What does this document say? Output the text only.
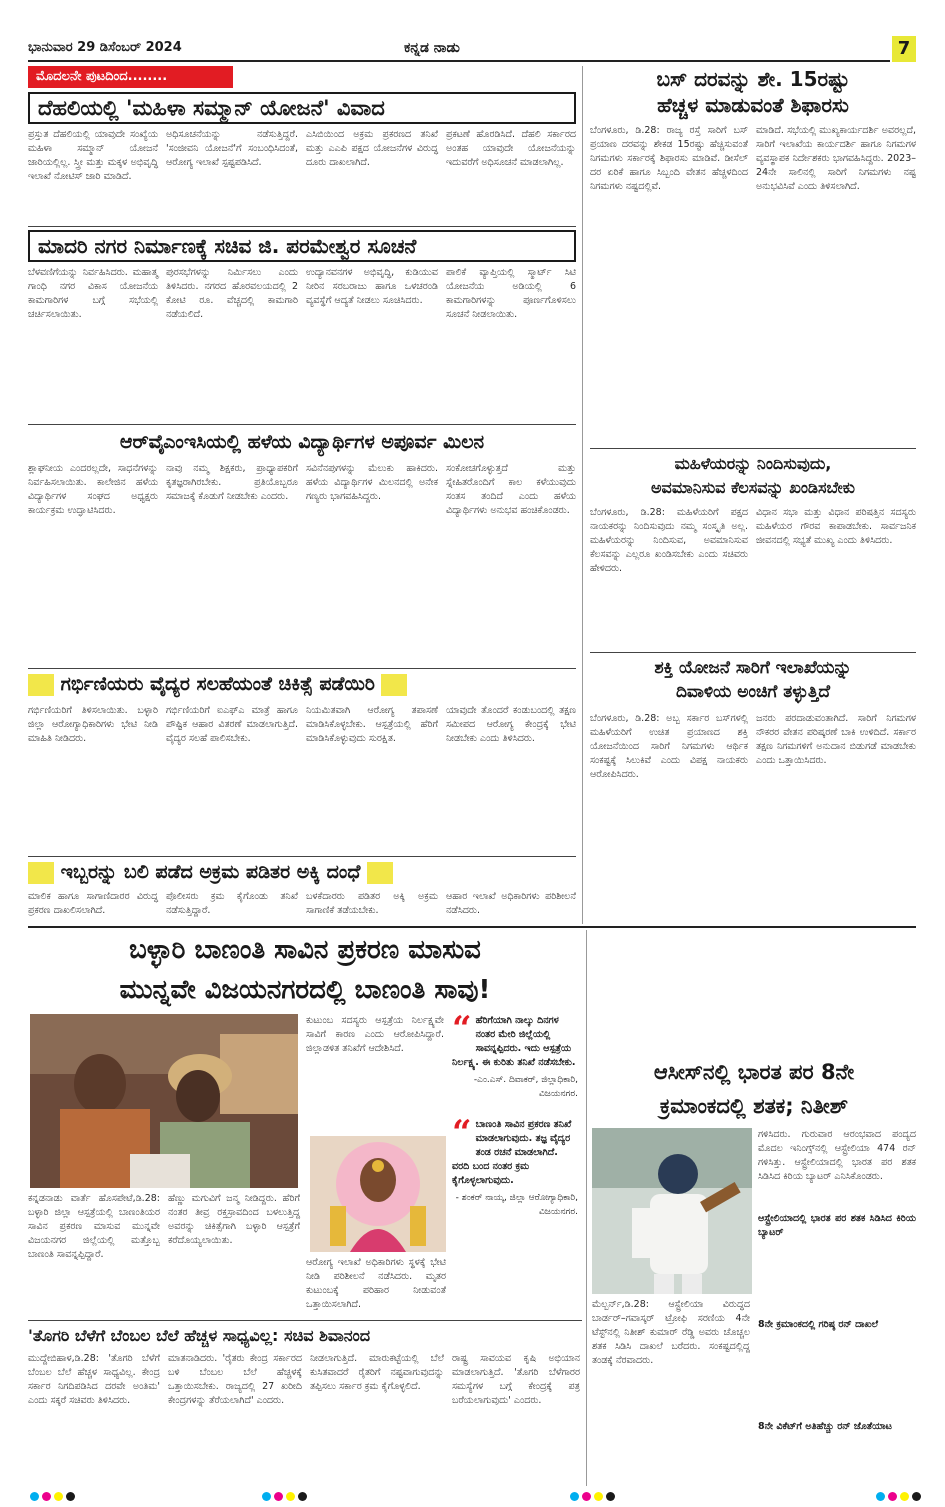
ಭಾನುವಾರ 29 ಡಿಸೆಂಬರ್ 2024	ಕನ್ನಡ ನಾಡು	7
ಮೊದಲನೇ ಪುಟದಿಂದ........
ದೆಹಲಿಯಲ್ಲಿ 'ಮಹಿಳಾ ಸಮ್ಮಾನ್ ಯೋಜನೆ' ವಿವಾದ
ಪ್ರಸ್ತುತ ದೆಹಲಿಯಲ್ಲಿ ಯಾವುದೇ ಸಂಖ್ಯೆಯ ಮಹಿಳಾ ಸಮ್ಮಾನ್ ಯೋಜನೆ ಜಾರಿಯಲ್ಲಿಲ್ಲ. ಸ್ತ್ರೀ ಮತ್ತು ಮಕ್ಕಳ ಅಭಿವೃದ್ಧಿ ಇಲಾಖೆ ನೋಟಿಸ್ ಜಾರಿ ಮಾಡಿದೆ.
ಅಧಿಸೂಚನೆಯನ್ನು ನಡೆಸುತ್ತಿದ್ದರೆ. 'ಸಂಜೀವನಿ ಯೋಜನೆ'ಗೆ ಸಂಬಂಧಿಸಿದಂತೆ, ಆರೋಗ್ಯ ಇಲಾಖೆ ಸ್ಪಷ್ಟಪಡಿಸಿದೆ.
ಎಸಿಬಿಯಿಂದ ಅಕ್ರಮ ಪ್ರಕರಣದ ತನಿಖೆ ಮತ್ತು ಎಎಪಿ ಪಕ್ಷದ ಯೋಜನೆಗಳ ವಿರುದ್ಧ ದೂರು ದಾಖಲಾಗಿದೆ.
ಪ್ರಕಟಣೆ ಹೊರಡಿಸಿದೆ. ದೆಹಲಿ ಸರ್ಕಾರದ ಅಂತಹ ಯಾವುದೇ ಯೋಜನೆಯನ್ನು ಇದುವರೆಗೆ ಅಧಿಸೂಚನೆ ಮಾಡಲಾಗಿಲ್ಲ.
ಮಾದರಿ ನಗರ ನಿರ್ಮಾಣಕ್ಕೆ ಸಚಿವ ಜಿ. ಪರಮೇಶ್ವರ ಸೂಚನೆ
ಬೆಳವಣಿಗೆಯನ್ನು ನಿರ್ವಹಿಸಿದರು. ಮಹಾತ್ಮ ಗಾಂಧಿ ನಗರ ವಿಕಾಸ ಯೋಜನೆಯ ಕಾಮಗಾರಿಗಳ ಬಗ್ಗೆ ಸಭೆಯಲ್ಲಿ ಚರ್ಚಿಸಲಾಯಿತು.
ಪುರಸಭೆಗಳನ್ನು ನಿರ್ಮಿಸಲು ಎಂದು ತಿಳಿಸಿದರು. ನಗರದ ಹೊರವಲಯದಲ್ಲಿ 2 ಕೋಟಿ ರೂ. ವೆಚ್ಚದಲ್ಲಿ ಕಾಮಗಾರಿ ನಡೆಯಲಿದೆ.
ಉದ್ಯಾನವನಗಳ ಅಭಿವೃದ್ಧಿ, ಕುಡಿಯುವ ನೀರಿನ ಸರಬರಾಜು ಹಾಗೂ ಒಳಚರಂಡಿ ವ್ಯವಸ್ಥೆಗೆ ಆದ್ಯತೆ ನೀಡಲು ಸೂಚಿಸಿದರು.
ಪಾಲಿಕೆ ವ್ಯಾಪ್ತಿಯಲ್ಲಿ ಸ್ಮಾರ್ಟ್ ಸಿಟಿ ಯೋಜನೆಯ ಅಡಿಯಲ್ಲಿ 6 ಕಾಮಗಾರಿಗಳನ್ನು ಪೂರ್ಣಗೊಳಿಸಲು ಸೂಚನೆ ನೀಡಲಾಯಿತು.
ಆರ್‌ವೈಎಂಇಸಿಯಲ್ಲಿ ಹಳೆಯ ವಿದ್ಯಾರ್ಥಿಗಳ ಅಪೂರ್ವ ಮಿಲನ
ಶ್ಲಾಘನೀಯ ಎಂದರಲ್ಲದೇ, ಸಾಧನೆಗಳನ್ನು ನಿರ್ವಹಿಸಲಾಯಿತು. ಕಾಲೇಜಿನ ಹಳೆಯ ವಿದ್ಯಾರ್ಥಿಗಳ ಸಂಘದ ಅಧ್ಯಕ್ಷರು ಕಾರ್ಯಕ್ರಮ ಉದ್ಘಾಟಿಸಿದರು.
ನಾವು ನಮ್ಮ ಶಿಕ್ಷಕರು, ಪ್ರಾಧ್ಯಾಪಕರಿಗೆ ಕೃತಜ್ಞರಾಗಿರಬೇಕು. ಪ್ರತಿಯೊಬ್ಬರೂ ಸಮಾಜಕ್ಕೆ ಕೊಡುಗೆ ನೀಡಬೇಕು ಎಂದರು.
ಸವಿನೆನಪುಗಳನ್ನು ಮೆಲುಕು ಹಾಕಿದರು. ಹಳೆಯ ವಿದ್ಯಾರ್ಥಿಗಳ ಮಿಲನದಲ್ಲಿ ಅನೇಕ ಗಣ್ಯರು ಭಾಗವಹಿಸಿದ್ದರು.
ಸಂಕೋಚಗೊಳ್ಳುತ್ತದೆ ಮತ್ತು ಸ್ನೇಹಿತರೊಂದಿಗೆ ಕಾಲ ಕಳೆಯುವುದು ಸಂತಸ ತಂದಿದೆ ಎಂದು ಹಳೆಯ ವಿದ್ಯಾರ್ಥಿಗಳು ಅನುಭವ ಹಂಚಿಕೊಂಡರು.
ಗರ್ಭಿಣಿಯರು ವೈದ್ಯರ ಸಲಹೆಯಂತೆ ಚಿಕಿತ್ಸೆ ಪಡೆಯಿರಿ
ಗರ್ಭಿಣಿಯರಿಗೆ ತಿಳಿಸಲಾಯಿತು. ಬಳ್ಳಾರಿ ಜಿಲ್ಲಾ ಆರೋಗ್ಯಾಧಿಕಾರಿಗಳು ಭೇಟಿ ನೀಡಿ ಮಾಹಿತಿ ನೀಡಿದರು.
ಗರ್ಭಿಣಿಯರಿಗೆ ಐಎಫ್‌ಎ ಮಾತ್ರೆ ಹಾಗೂ ಪೌಷ್ಟಿಕ ಆಹಾರ ವಿತರಣೆ ಮಾಡಲಾಗುತ್ತಿದೆ. ವೈದ್ಯರ ಸಲಹೆ ಪಾಲಿಸಬೇಕು.
ನಿಯಮಿತವಾಗಿ ಆರೋಗ್ಯ ತಪಾಸಣೆ ಮಾಡಿಸಿಕೊಳ್ಳಬೇಕು. ಆಸ್ಪತ್ರೆಯಲ್ಲಿ ಹೆರಿಗೆ ಮಾಡಿಸಿಕೊಳ್ಳುವುದು ಸುರಕ್ಷಿತ.
ಯಾವುದೇ ತೊಂದರೆ ಕಂಡುಬಂದಲ್ಲಿ ತಕ್ಷಣ ಸಮೀಪದ ಆರೋಗ್ಯ ಕೇಂದ್ರಕ್ಕೆ ಭೇಟಿ ನೀಡಬೇಕು ಎಂದು ತಿಳಿಸಿದರು.
ಇಬ್ಬರನ್ನು ಬಲಿ ಪಡೆದ ಅಕ್ರಮ ಪಡಿತರ ಅಕ್ಕಿ ದಂಧೆ
ಮಾಲಿಕ ಹಾಗೂ ಸಾಗಾಣಿದಾರರ ವಿರುದ್ಧ ಪ್ರಕರಣ ದಾಖಲಿಸಲಾಗಿದೆ.
ಪೊಲೀಸರು ಕ್ರಮ ಕೈಗೊಂಡು ತನಿಖೆ ನಡೆಸುತ್ತಿದ್ದಾರೆ.
ಬಳಕೆದಾರರು ಪಡಿತರ ಅಕ್ಕಿ ಅಕ್ರಮ ಸಾಗಾಣಿಕೆ ತಡೆಯಬೇಕು.
ಆಹಾರ ಇಲಾಖೆ ಅಧಿಕಾರಿಗಳು ಪರಿಶೀಲನೆ ನಡೆಸಿದರು.
ಬಸ್ ದರವನ್ನು ಶೇ. 15ರಷ್ಟು
ಹೆಚ್ಚಳ ಮಾಡುವಂತೆ ಶಿಫಾರಸು
ಬೆಂಗಳೂರು, ಡಿ.28: ರಾಜ್ಯ ರಸ್ತೆ ಸಾರಿಗೆ ಬಸ್ ಪ್ರಯಾಣ ದರವನ್ನು ಶೇಕಡ 15ರಷ್ಟು ಹೆಚ್ಚಿಸುವಂತೆ ನಿಗಮಗಳು ಸರ್ಕಾರಕ್ಕೆ ಶಿಫಾರಸು ಮಾಡಿವೆ. ಡೀಸೆಲ್ ದರ ಏರಿಕೆ ಹಾಗೂ ಸಿಬ್ಬಂದಿ ವೇತನ ಹೆಚ್ಚಳದಿಂದ ನಿಗಮಗಳು ನಷ್ಟದಲ್ಲಿವೆ.
ಮಾಡಿದೆ. ಸಭೆಯಲ್ಲಿ ಮುಖ್ಯಕಾರ್ಯದರ್ಶಿ ಅವರಲ್ಲದೆ, ಸಾರಿಗೆ ಇಲಾಖೆಯ ಕಾರ್ಯದರ್ಶಿ ಹಾಗೂ ನಿಗಮಗಳ ವ್ಯವಸ್ಥಾಪಕ ನಿರ್ದೇಶಕರು ಭಾಗವಹಿಸಿದ್ದರು. 2023–24ನೇ ಸಾಲಿನಲ್ಲಿ ಸಾರಿಗೆ ನಿಗಮಗಳು ನಷ್ಟ ಅನುಭವಿಸಿವೆ ಎಂದು ತಿಳಿಸಲಾಗಿದೆ.
ಮಹಿಳೆಯರನ್ನು ನಿಂದಿಸುವುದು,
ಅವಮಾನಿಸುವ ಕೆಲಸವನ್ನು ಖಂಡಿಸಬೇಕು
ಬೆಂಗಳೂರು, ಡಿ.28: ಮಹಿಳೆಯರಿಗೆ ಪಕ್ಷದ ನಾಯಕರನ್ನು ನಿಂದಿಸುವುದು ನಮ್ಮ ಸಂಸ್ಕೃತಿ ಅಲ್ಲ. ಮಹಿಳೆಯರನ್ನು ನಿಂದಿಸುವ, ಅವಮಾನಿಸುವ ಕೆಲಸವನ್ನು ಎಲ್ಲರೂ ಖಂಡಿಸಬೇಕು ಎಂದು ಸಚಿವರು ಹೇಳಿದರು.
ವಿಧಾನ ಸಭಾ ಮತ್ತು ವಿಧಾನ ಪರಿಷತ್ತಿನ ಸದಸ್ಯರು ಮಹಿಳೆಯರ ಗೌರವ ಕಾಪಾಡಬೇಕು. ಸಾರ್ವಜನಿಕ ಜೀವನದಲ್ಲಿ ಸಭ್ಯತೆ ಮುಖ್ಯ ಎಂದು ತಿಳಿಸಿದರು.
ಶಕ್ತಿ ಯೋಜನೆ ಸಾರಿಗೆ ಇಲಾಖೆಯನ್ನು
ದಿವಾಳಿಯ ಅಂಚಿಗೆ ತಳ್ಳುತ್ತಿದೆ
ಬೆಂಗಳೂರು, ಡಿ.28: ಅಬ್ಬ ಸರ್ಕಾರ ಬಸ್‌ಗಳಲ್ಲಿ ಮಹಿಳೆಯರಿಗೆ ಉಚಿತ ಪ್ರಯಾಣದ ಶಕ್ತಿ ಯೋಜನೆಯಿಂದ ಸಾರಿಗೆ ನಿಗಮಗಳು ಆರ್ಥಿಕ ಸಂಕಷ್ಟಕ್ಕೆ ಸಿಲುಕಿವೆ ಎಂದು ವಿಪಕ್ಷ ನಾಯಕರು ಆರೋಪಿಸಿದರು.
ಜನರು ಪರದಾಡುವಂತಾಗಿದೆ. ಸಾರಿಗೆ ನಿಗಮಗಳ ನೌಕರರ ವೇತನ ಪರಿಷ್ಕರಣೆ ಬಾಕಿ ಉಳಿದಿದೆ. ಸರ್ಕಾರ ತಕ್ಷಣ ನಿಗಮಗಳಿಗೆ ಅನುದಾನ ಬಿಡುಗಡೆ ಮಾಡಬೇಕು ಎಂದು ಒತ್ತಾಯಿಸಿದರು.
ಬಳ್ಳಾರಿ ಬಾಣಂತಿ ಸಾವಿನ ಪ್ರಕರಣ ಮಾಸುವ
ಮುನ್ನವೇ ವಿಜಯನಗರದಲ್ಲಿ ಬಾಣಂತಿ ಸಾವು!
ಕನ್ನಡನಾಡು ವಾರ್ತೆ ಹೊಸಪೇಟೆ,ಡಿ.28: ಬಳ್ಳಾರಿ ಜಿಲ್ಲಾ ಆಸ್ಪತ್ರೆಯಲ್ಲಿ ಬಾಣಂತಿಯರ ಸಾವಿನ ಪ್ರಕರಣ ಮಾಸುವ ಮುನ್ನವೇ ವಿಜಯನಗರ ಜಿಲ್ಲೆಯಲ್ಲಿ ಮತ್ತೊಬ್ಬ ಬಾಣಂತಿ ಸಾವನ್ನಪ್ಪಿದ್ದಾರೆ.
ಹೆಣ್ಣು ಮಗುವಿಗೆ ಜನ್ಮ ನೀಡಿದ್ದರು. ಹೆರಿಗೆ ನಂತರ ತೀವ್ರ ರಕ್ತಸ್ರಾವದಿಂದ ಬಳಲುತ್ತಿದ್ದ ಅವರನ್ನು ಚಿಕಿತ್ಸೆಗಾಗಿ ಬಳ್ಳಾರಿ ಆಸ್ಪತ್ರೆಗೆ ಕರೆದೊಯ್ಯಲಾಯಿತು.
ಕುಟುಂಬ ಸದಸ್ಯರು ಆಸ್ಪತ್ರೆಯ ನಿರ್ಲಕ್ಷ್ಯವೇ ಸಾವಿಗೆ ಕಾರಣ ಎಂದು ಆರೋಪಿಸಿದ್ದಾರೆ. ಜಿಲ್ಲಾಡಳಿತ ತನಿಖೆಗೆ ಆದೇಶಿಸಿದೆ.
ಆರೋಗ್ಯ ಇಲಾಖೆ ಅಧಿಕಾರಿಗಳು ಸ್ಥಳಕ್ಕೆ ಭೇಟಿ ನೀಡಿ ಪರಿಶೀಲನೆ ನಡೆಸಿದರು. ಮೃತರ ಕುಟುಂಬಕ್ಕೆ ಪರಿಹಾರ ನೀಡುವಂತೆ ಒತ್ತಾಯಿಸಲಾಗಿದೆ.
“ ಹೆರಿಗೆಯಾಗಿ ನಾಲ್ಕು ದಿನಗಳ ನಂತರ ಮೇರಿ ಜಿಲ್ಲೆಯಲ್ಲಿ ಸಾವನ್ನಪ್ಪಿದರು. ಇದು ಆಸ್ಪತ್ರೆಯ ನಿರ್ಲಕ್ಷ್ಯ. ಈ ಕುರಿತು ತನಿಖೆ ನಡೆಸಬೇಕು.
-ಎಂ.ಎಸ್. ದಿವಾಕರ್, ಜಿಲ್ಲಾಧಿಕಾರಿ, ವಿಜಯನಗರ.
“ ಬಾಣಂತಿ ಸಾವಿನ ಪ್ರಕರಣ ತನಿಖೆ ಮಾಡಲಾಗುವುದು. ತಜ್ಞ ವೈದ್ಯರ ತಂಡ ರಚನೆ ಮಾಡಲಾಗಿದೆ. ವರದಿ ಬಂದ ನಂತರ ಕ್ರಮ ಕೈಗೊಳ್ಳಲಾಗುವುದು.
- ಶಂಕರ್ ನಾಯ್ಕ, ಜಿಲ್ಲಾ ಆರೋಗ್ಯಾಧಿಕಾರಿ, ವಿಜಯನಗರ.
'ತೊಗರಿ ಬೆಳೆಗೆ ಬೆಂಬಲ ಬೆಲೆ ಹೆಚ್ಚಳ ಸಾಧ್ಯವಿಲ್ಲ: ಸಚಿವ ಶಿವಾನಂದ
ಮುದ್ದೇಬಿಹಾಳ,ಡಿ.28: 'ತೊಗರಿ ಬೆಳೆಗೆ ಬೆಂಬಲ ಬೆಲೆ ಹೆಚ್ಚಳ ಸಾಧ್ಯವಿಲ್ಲ. ಕೇಂದ್ರ ಸರ್ಕಾರ ನಿಗದಿಪಡಿಸಿದ ದರವೇ ಅಂತಿಮ' ಎಂದು ಸಕ್ಕರೆ ಸಚಿವರು ತಿಳಿಸಿದರು.
ಮಾತನಾಡಿದರು. 'ರೈತರು ಕೇಂದ್ರ ಸರ್ಕಾರದ ಬಳಿ ಬೆಂಬಲ ಬೆಲೆ ಹೆಚ್ಚಳಕ್ಕೆ ಒತ್ತಾಯಿಸಬೇಕು. ರಾಜ್ಯದಲ್ಲಿ 27 ಖರೀದಿ ಕೇಂದ್ರಗಳನ್ನು ತೆರೆಯಲಾಗಿದೆ' ಎಂದರು.
ನೀಡಲಾಗುತ್ತಿದೆ. ಮಾರುಕಟ್ಟೆಯಲ್ಲಿ ಬೆಲೆ ಕುಸಿತವಾದರೆ ರೈತರಿಗೆ ನಷ್ಟವಾಗುವುದನ್ನು ತಪ್ಪಿಸಲು ಸರ್ಕಾರ ಕ್ರಮ ಕೈಗೊಳ್ಳಲಿದೆ.
ರಾಷ್ಟ್ರ ಸಾವಯವ ಕೃಷಿ ಅಭಿಯಾನ ಮಾಡಲಾಗುತ್ತಿದೆ. 'ತೊಗರಿ ಬೆಳೆಗಾರರ ಸಮಸ್ಯೆಗಳ ಬಗ್ಗೆ ಕೇಂದ್ರಕ್ಕೆ ಪತ್ರ ಬರೆಯಲಾಗುವುದು' ಎಂದರು.
ಆಸೀಸ್‌ನಲ್ಲಿ ಭಾರತ ಪರ 8ನೇ
ಕ್ರಮಾಂಕದಲ್ಲಿ ಶತಕ; ನಿತೀಶ್
ಗಳಿಸಿದರು. ಗುರುವಾರ ಆರಂಭವಾದ ಪಂದ್ಯದ ಮೊದಲ ಇನಿಂಗ್ಸ್‌ನಲ್ಲಿ ಆಸ್ಟ್ರೇಲಿಯಾ 474 ರನ್ ಗಳಿಸಿತ್ತು. ಆಸ್ಟ್ರೇಲಿಯಾದಲ್ಲಿ ಭಾರತ ಪರ ಶತಕ ಸಿಡಿಸಿದ ಕಿರಿಯ ಬ್ಯಾಟರ್ ಎನಿಸಿಕೊಂಡರು.
ಆಸ್ಟ್ರೇಲಿಯಾದಲ್ಲಿ ಭಾರತ ಪರ ಶತಕ ಸಿಡಿಸಿದ ಕಿರಿಯ ಬ್ಯಾಟರ್
8ನೇ ಕ್ರಮಾಂಕದಲ್ಲಿ ಗರಿಷ್ಠ ರನ್ ದಾಖಲೆ
8ನೇ ವಿಕೆಟ್‌ಗೆ ಅತಿಹೆಚ್ಚು ರನ್ ಜೊತೆಯಾಟ
ಮೆಲ್ಬರ್ನ್,ಡಿ.28: ಆಸ್ಟ್ರೇಲಿಯಾ ವಿರುದ್ಧದ ಬಾರ್ಡರ್–ಗವಾಸ್ಕರ್ ಟ್ರೋಫಿ ಸರಣಿಯ 4ನೇ ಟೆಸ್ಟ್‌ನಲ್ಲಿ ನಿತೀಶ್ ಕುಮಾರ್ ರೆಡ್ಡಿ ಅವರು ಚೊಚ್ಚಲ ಶತಕ ಸಿಡಿಸಿ ದಾಖಲೆ ಬರೆದರು. ಸಂಕಷ್ಟದಲ್ಲಿದ್ದ ತಂಡಕ್ಕೆ ನೆರವಾದರು.
